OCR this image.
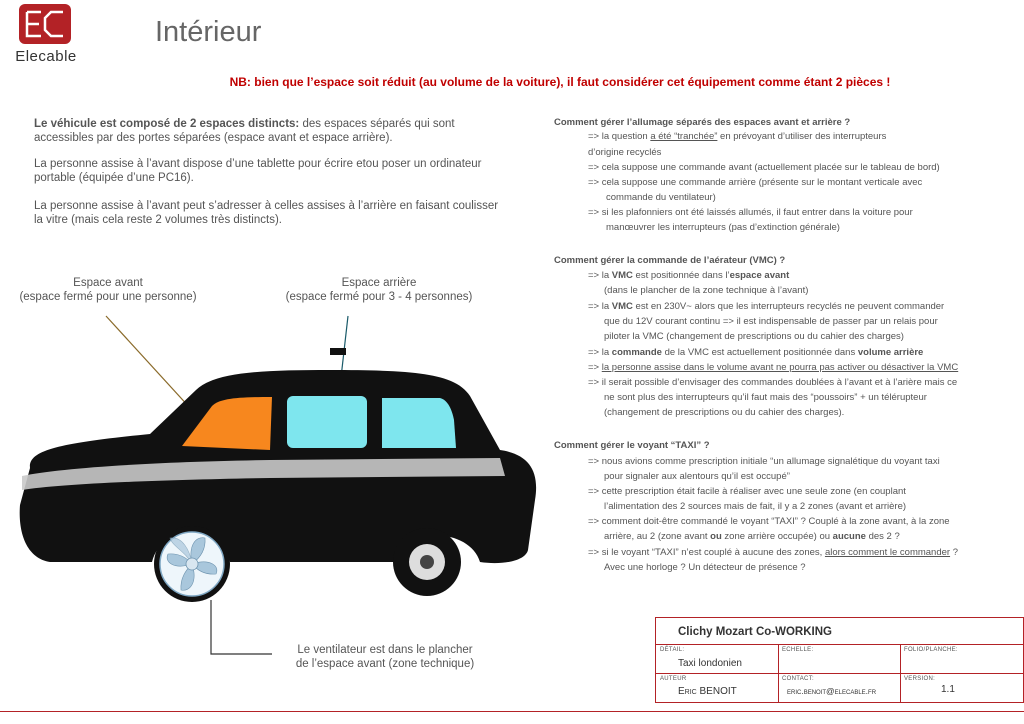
Elecable
Intérieur
NB: bien que l’espace soit réduit (au volume de la voiture), il faut considérer cet équipement comme étant 2 pièces !
Le véhicule est composé de 2 espaces distincts: des espaces séparés qui sont accessibles par des portes séparées (espace avant et espace arrière).
La personne assise à l’avant dispose d’une tablette pour écrire etou poser un ordinateur portable (équipée d’une PC16).
La personne assise à l’avant peut s’adresser à celles assises à l’arrière en faisant coulisser la vitre (mais cela reste 2 volumes très distincts).
Espace avant
(espace fermé pour une personne)
Espace arrière
(espace fermé pour 3 - 4 personnes)
Le ventilateur est dans le plancher
de l’espace avant (zone technique)
Comment gérer l’allumage séparés des espaces avant et arrière ?
=> la question a été “tranchée” en prévoyant d’utiliser des interrupteurs
d’origine recyclés
=> cela suppose une commande avant (actuellement placée sur le tableau de bord)
=> cela suppose une commande arrière (présente sur le montant verticale avec
commande du ventilateur)
=> si les plafonniers ont été laissés allumés, il faut entrer dans la voiture pour
manœuvrer les interrupteurs (pas d’extinction générale)
Comment gérer la commande de l’aérateur (VMC) ?
=> la VMC est positionnée dans l’espace avant
(dans le plancher de la zone technique à l’avant)
=> la VMC est en 230V~ alors que les interrupteurs recyclés ne peuvent commander
que du 12V courant continu => il est indispensable de passer par un relais pour
piloter la VMC (changement de prescriptions ou du cahier des charges)
=> la commande de la VMC est actuellement positionnée dans volume arrière
=> la personne assise dans le volume avant ne pourra pas activer ou désactiver la VMC
=> il serait possible d’envisager des commandes doublées à l’avant et à l’arière mais ce
ne sont plus des interrupteurs qu’il faut mais des “poussoirs” + un télérupteur
(changement de prescriptions ou du cahier des charges).
Comment gérer le voyant “TAXI” ?
=> nous avions comme prescription initiale “un allumage signalétique du voyant taxi
pour signaler aux alentours qu’il est occupé”
=> cette prescription était facile à réaliser avec une seule zone (en couplant
l’alimentation des 2 sources mais de fait, il y a 2 zones (avant et arrière)
=> comment doit-être commandé le voyant “TAXI” ? Couplé à la zone avant, à la zone
arrière, au 2 (zone avant ou zone arrière occupée) ou aucune des 2 ?
=> si le voyant “TAXI” n’est couplé à aucune des zones, alors comment le commander ?
Avec une horloge ? Un détecteur de présence ?
Clichy Mozart Co-WORKING
DÉTAIL:
Taxi londonien
ECHELLE:	FOLIO/PLANCHE:
AUTEUR
Eric BENOIT
CONTACT:
eric.benoit@elecable.fr
VERSION:
1.1
